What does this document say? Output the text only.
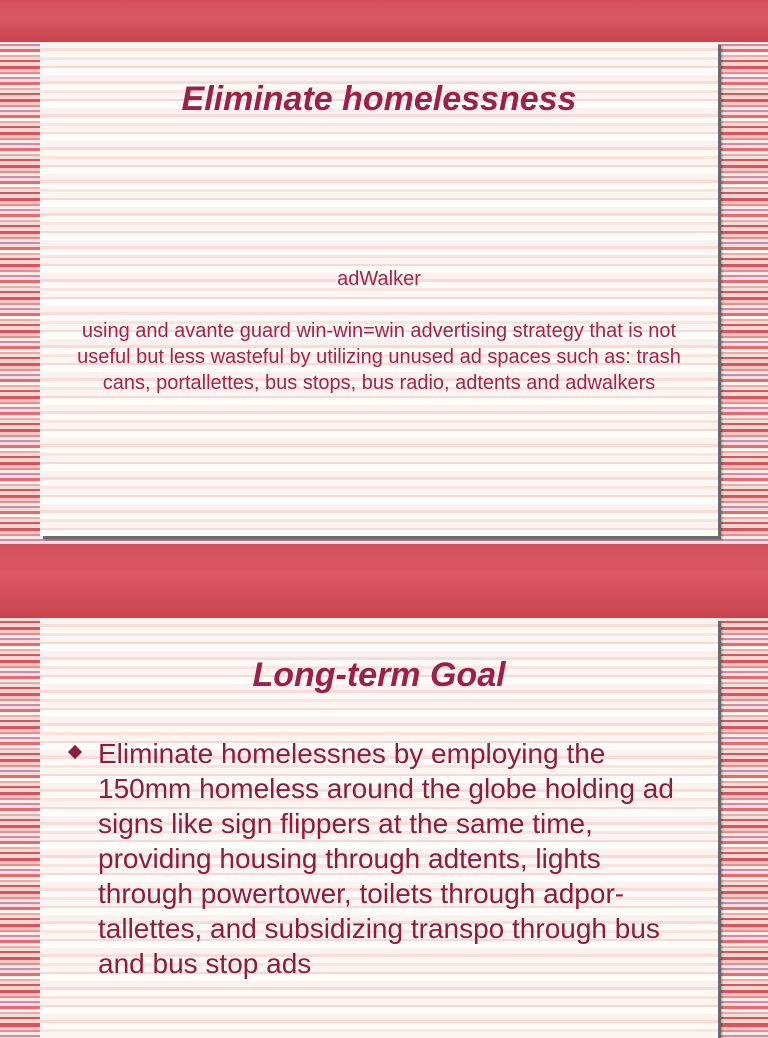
Eliminate homelessness
adWalker
using and avante guard win-win=win advertising strategy that is not useful but less wasteful by utilizing unused ad spaces such as: trash cans, portallettes, bus stops, bus radio, adtents and adwalkers
Long-term Goal
Eliminate homelessnes by employing the 150mm homeless around the globe holding ad signs like sign flippers at the same time, providing housing through adtents, lights through powertower, toilets through adpor-tallettes, and subsidizing transpo through bus and bus stop ads
